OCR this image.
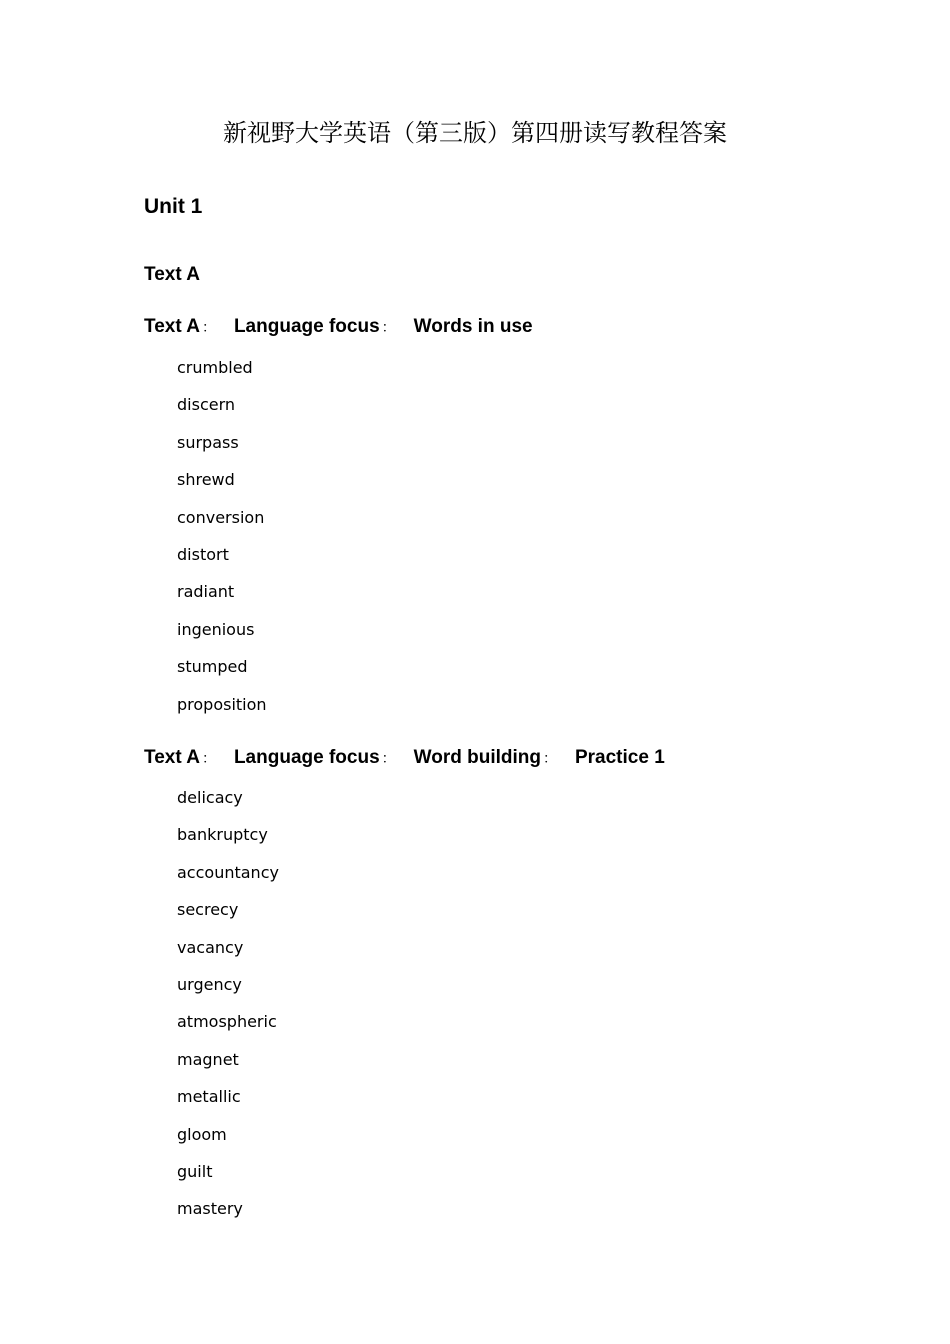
新视野大学英语（第三版）第四册读写教程答案
Unit 1
Text A
Text A ： Language focus ： Words in use
crumbled
discern
surpass
shrewd
conversion
distort
radiant
ingenious
stumped
proposition
Text A ： Language focus ： Word building ： Practice 1
delicacy
bankruptcy
accountancy
secrecy
vacancy
urgency
atmospheric
magnet
metallic
gloom
guilt
mastery
